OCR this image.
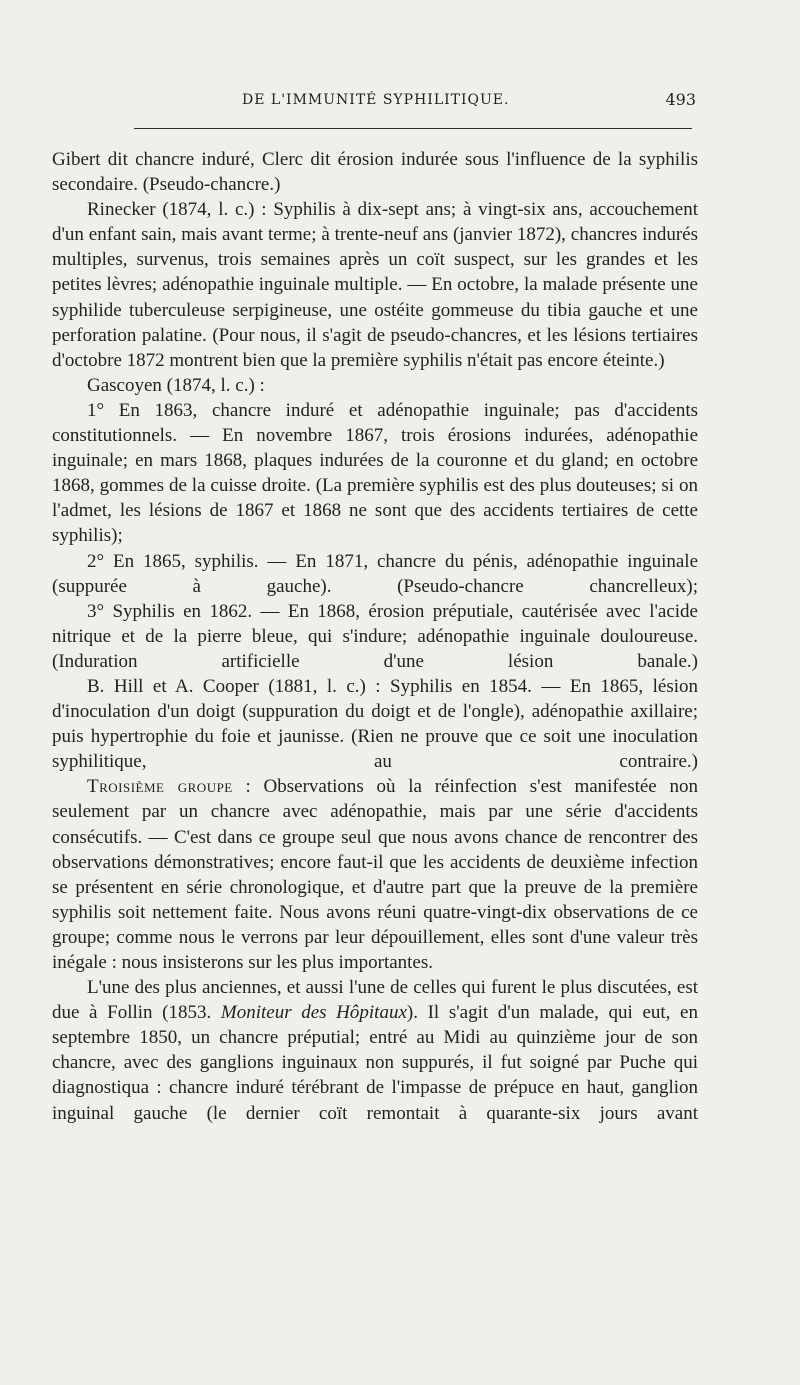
DE L'IMMUNITÉ SYPHILITIQUE.	493

Gibert dit chancre induré, Clerc dit érosion indurée sous l'influence de la syphilis secondaire. (Pseudo-chancre.)

Rinecker (1874, l. c.) : Syphilis à dix-sept ans; à vingt-six ans, accouchement d'un enfant sain, mais avant terme; à trente-neuf ans (janvier 1872), chancres indurés multiples, survenus, trois semaines après un coït suspect, sur les grandes et les petites lèvres; adénopathie inguinale multiple. — En octobre, la malade présente une syphilide tuberculeuse serpigineuse, une ostéite gommeuse du tibia gauche et une perforation palatine. (Pour nous, il s'agit de pseudo-chancres, et les lésions tertiaires d'octobre 1872 montrent bien que la première syphilis n'était pas encore éteinte.)

Gascoyen (1874, l. c.) :

1° En 1863, chancre induré et adénopathie inguinale; pas d'accidents constitutionnels. — En novembre 1867, trois érosions indurées, adénopathie inguinale; en mars 1868, plaques indurées de la couronne et du gland; en octobre 1868, gommes de la cuisse droite. (La première syphilis est des plus douteuses; si on l'admet, les lésions de 1867 et 1868 ne sont que des accidents tertiaires de cette syphilis);

2° En 1865, syphilis. — En 1871, chancre du pénis, adénopathie inguinale (suppurée à gauche). (Pseudo-chancre chancrelleux);

3° Syphilis en 1862. — En 1868, érosion préputiale, cautérisée avec l'acide nitrique et de la pierre bleue, qui s'indure; adénopathie inguinale douloureuse. (Induration artificielle d'une lésion banale.)

B. Hill et A. Cooper (1881, l. c.) : Syphilis en 1854. — En 1865, lésion d'inoculation d'un doigt (suppuration du doigt et de l'ongle), adénopathie axillaire; puis hypertrophie du foie et jaunisse. (Rien ne prouve que ce soit une inoculation syphilitique, au contraire.)

Troisième groupe : Observations où la réinfection s'est manifestée non seulement par un chancre avec adénopathie, mais par une série d'accidents consécutifs. — C'est dans ce groupe seul que nous avons chance de rencontrer des observations démonstratives; encore faut-il que les accidents de deuxième infection se présentent en série chronologique, et d'autre part que la preuve de la première syphilis soit nettement faite. Nous avons réuni quatre-vingt-dix observations de ce groupe; comme nous le verrons par leur dépouillement, elles sont d'une valeur très inégale : nous insisterons sur les plus importantes.

L'une des plus anciennes, et aussi l'une de celles qui furent le plus discutées, est due à Follin (1853. Moniteur des Hôpitaux). Il s'agit d'un malade, qui eut, en septembre 1850, un chancre préputial; entré au Midi au quinzième jour de son chancre, avec des ganglions inguinaux non suppurés, il fut soigné par Puche qui diagnostiqua : chancre induré térébrant de l'impasse de prépuce en haut, ganglion inguinal gauche (le dernier coït remontait à quarante-six jours avant
